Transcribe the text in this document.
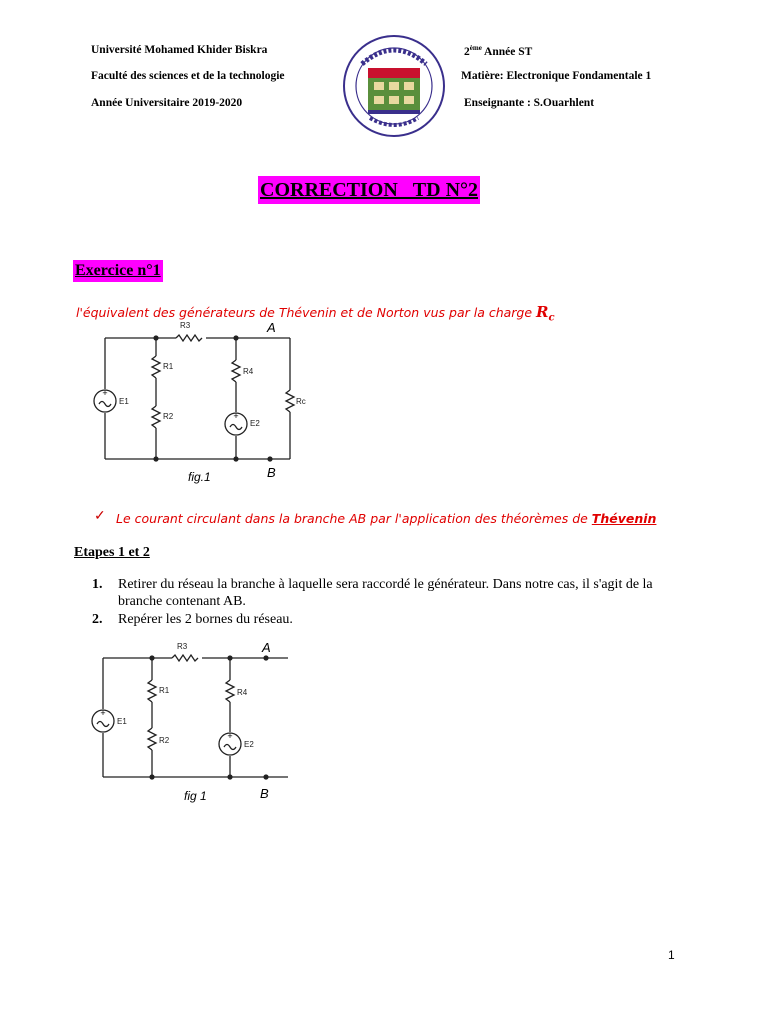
Université Mohamed Khider Biskra
Faculté des sciences et de la technologie
Année Universitaire 2019-2020
2ème Année ST
Matière: Electronique Fondamentale 1
Enseignante : S.Ouarhlent
CORRECTION _TD N°2
Exercice n°1
l'équivalent des générateurs de Thévenin et de Norton vus par la charge $R_c$
+
+
R3
R1
R2
R4
Rc
E1
E2
A
B
fig.1
✓ Le courant circulant dans la branche AB par l'application des théorèmes de Thévenin
Etapes 1 et 2
1. Retirer du réseau la branche à laquelle sera raccordé le générateur. Dans notre cas, il s'agit de la branche contenant AB.
2. Repérer les 2 bornes du réseau.
+
+
R3
R1
R2
R4
E1
E2
A
B
fig 1
1
